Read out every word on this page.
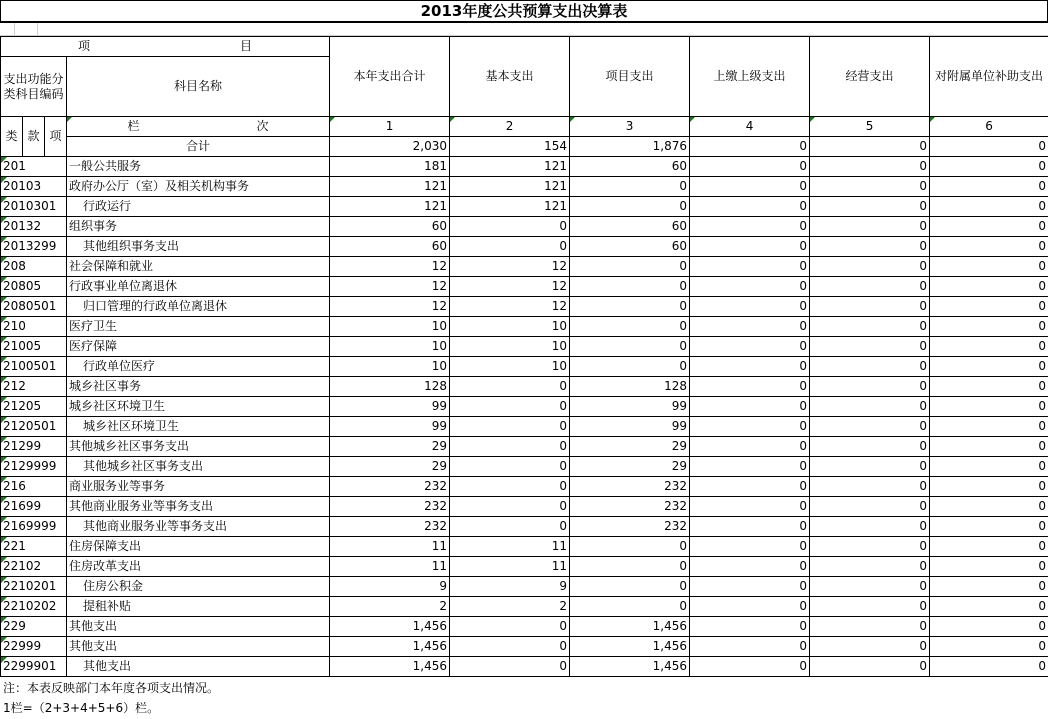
2013年度公共预算支出决算表
项 目				本年支出合计	基本支出	项目支出	上缴上级支出	经营支出	对附属单位补助支出
支出功能分类科目编码			科目名称						
类	款	项	栏 次	1	2	3	4	5	6
			合计	2,030	154	1,876	0	0	0
201			一般公共服务	181	121	60	0	0	0
20103			政府办公厅（室）及相关机构事务	121	121	0	0	0	0
2010301			行政运行	121	121	0	0	0	0
20132			组织事务	60	0	60	0	0	0
2013299			其他组织事务支出	60	0	60	0	0	0
208			社会保障和就业	12	12	0	0	0	0
20805			行政事业单位离退休	12	12	0	0	0	0
2080501			归口管理的行政单位离退休	12	12	0	0	0	0
210			医疗卫生	10	10	0	0	0	0
21005			医疗保障	10	10	0	0	0	0
2100501			行政单位医疗	10	10	0	0	0	0
212			城乡社区事务	128	0	128	0	0	0
21205			城乡社区环境卫生	99	0	99	0	0	0
2120501			城乡社区环境卫生	99	0	99	0	0	0
21299			其他城乡社区事务支出	29	0	29	0	0	0
2129999			其他城乡社区事务支出	29	0	29	0	0	0
216			商业服务业等事务	232	0	232	0	0	0
21699			其他商业服务业等事务支出	232	0	232	0	0	0
2169999			其他商业服务业等事务支出	232	0	232	0	0	0
221			住房保障支出	11	11	0	0	0	0
22102			住房改革支出	11	11	0	0	0	0
2210201			住房公积金	9	9	0	0	0	0
2210202			提租补贴	2	2	0	0	0	0
229			其他支出	1,456	0	1,456	0	0	0
22999			其他支出	1,456	0	1,456	0	0	0
2299901			其他支出	1,456	0	1,456	0	0	0
注：本表反映部门本年度各项支出情况。
1栏=（2+3+4+5+6）栏。
